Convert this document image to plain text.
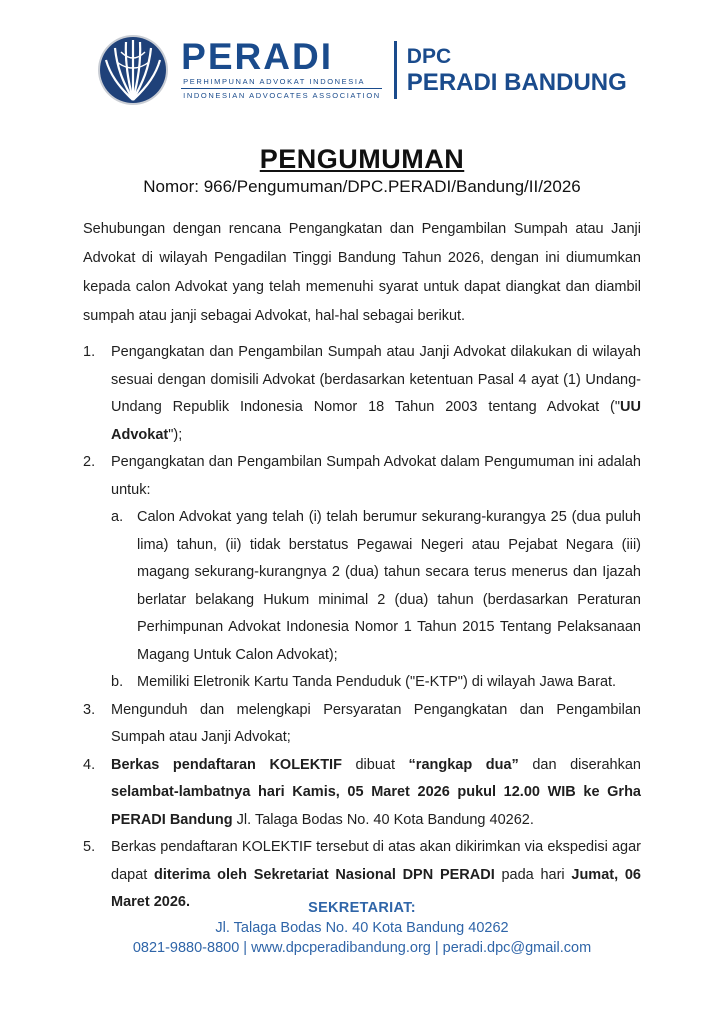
PERADI
PERHIMPUNAN ADVOKAT INDONESIA
INDONESIAN ADVOCATES ASSOCIATION
DPC
PERADI BANDUNG
PENGUMUMAN
Nomor: 966/Pengumuman/DPC.PERADI/Bandung/II/2026

Sehubungan dengan rencana Pengangkatan dan Pengambilan Sumpah atau Janji Advokat di wilayah Pengadilan Tinggi Bandung Tahun 2026, dengan ini diumumkan kepada calon Advokat yang telah memenuhi syarat untuk dapat diangkat dan diambil sumpah atau janji sebagai Advokat, hal-hal sebagai berikut.

1.	Pengangkatan dan Pengambilan Sumpah atau Janji Advokat dilakukan di wilayah sesuai dengan domisili Advokat (berdasarkan ketentuan Pasal 4 ayat (1) Undang-Undang Republik Indonesia Nomor 18 Tahun 2003 tentang Advokat ("UU Advokat");
2.	Pengangkatan dan Pengambilan Sumpah Advokat dalam Pengumuman ini adalah untuk:
a. Calon Advokat yang telah (i) telah berumur sekurang-kurangya 25 (dua puluh lima) tahun, (ii) tidak berstatus Pegawai Negeri atau Pejabat Negara (iii) magang sekurang-kurangnya 2 (dua) tahun secara terus menerus dan Ijazah berlatar belakang Hukum minimal 2 (dua) tahun (berdasarkan Peraturan Perhimpunan Advokat Indonesia Nomor 1 Tahun 2015 Tentang Pelaksanaan Magang Untuk Calon Advokat);
b. Memiliki Eletronik Kartu Tanda Penduduk ("E-KTP") di wilayah Jawa Barat.
3.	Mengunduh dan melengkapi Persyaratan Pengangkatan dan Pengambilan Sumpah atau Janji Advokat;
4.	Berkas pendaftaran KOLEKTIF dibuat “rangkap dua” dan diserahkan selambat-lambatnya hari Kamis, 05 Maret 2026 pukul 12.00 WIB ke Grha PERADI Bandung Jl. Talaga Bodas No. 40 Kota Bandung 40262.
5.	Berkas pendaftaran KOLEKTIF tersebut di atas akan dikirimkan via ekspedisi agar dapat diterima oleh Sekretariat Nasional DPN PERADI pada hari Jumat, 06 Maret 2026.	SEKRETARIAT:
Jl. Talaga Bodas No. 40 Kota Bandung 40262
0821-9880-8800 | www.dpcperadibandung.org | peradi.dpc@gmail.com
